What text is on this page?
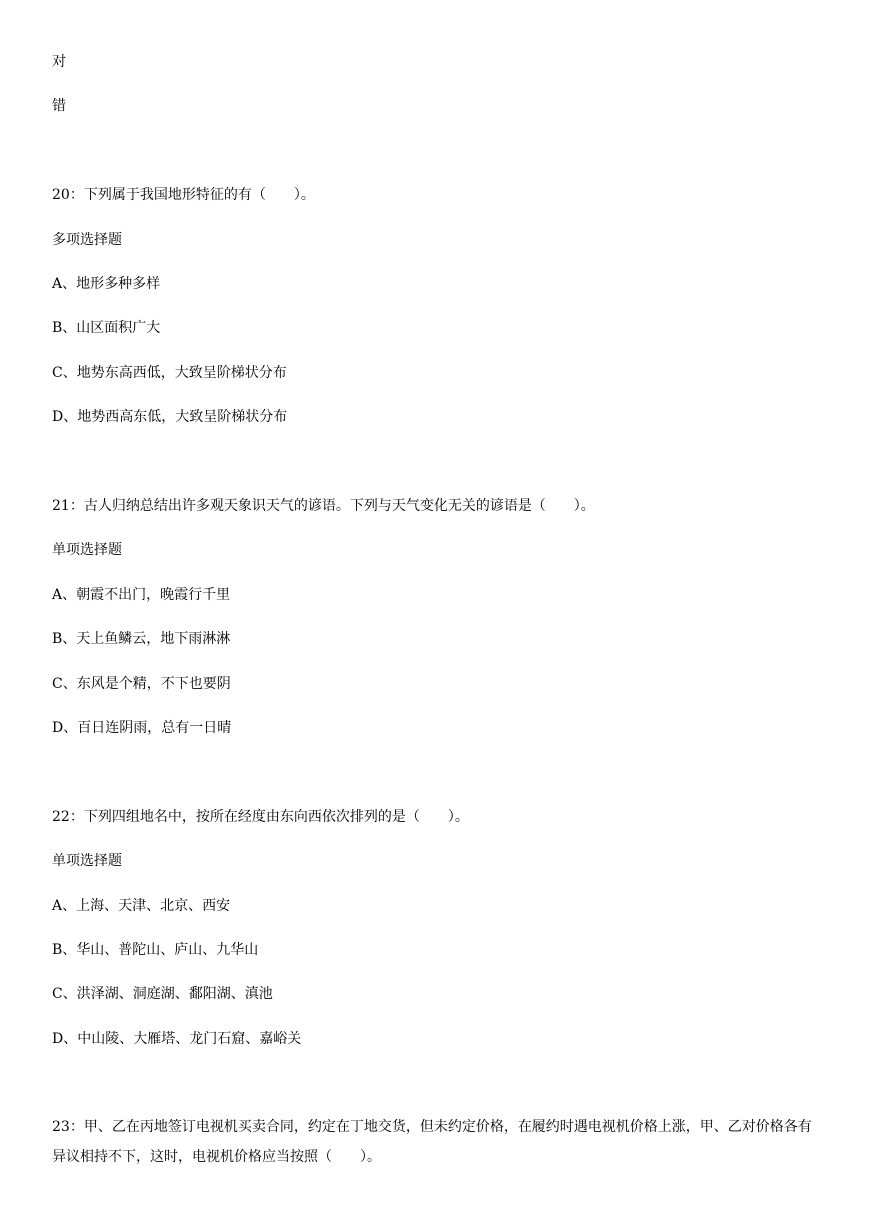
对

错

20：下列属于我国地形特征的有（　　）。

多项选择题

A、地形多种多样

B、山区面积广大

C、地势东高西低，大致呈阶梯状分布

D、地势西高东低，大致呈阶梯状分布

21：古人归纳总结出许多观天象识天气的谚语。下列与天气变化无关的谚语是（　　）。

单项选择题

A、朝霞不出门，晚霞行千里

B、天上鱼鳞云，地下雨淋淋

C、东风是个精，不下也要阴

D、百日连阴雨，总有一日晴

22：下列四组地名中，按所在经度由东向西依次排列的是（　　）。

单项选择题

A、上海、天津、北京、西安

B、华山、普陀山、庐山、九华山

C、洪泽湖、洞庭湖、鄱阳湖、滇池

D、中山陵、大雁塔、龙门石窟、嘉峪关

23：甲、乙在丙地签订电视机买卖合同，约定在丁地交货，但未约定价格，在履约时遇电视机价格上涨，甲、乙对价格各有异议相持不下，这时，电视机价格应当按照（　　）。
